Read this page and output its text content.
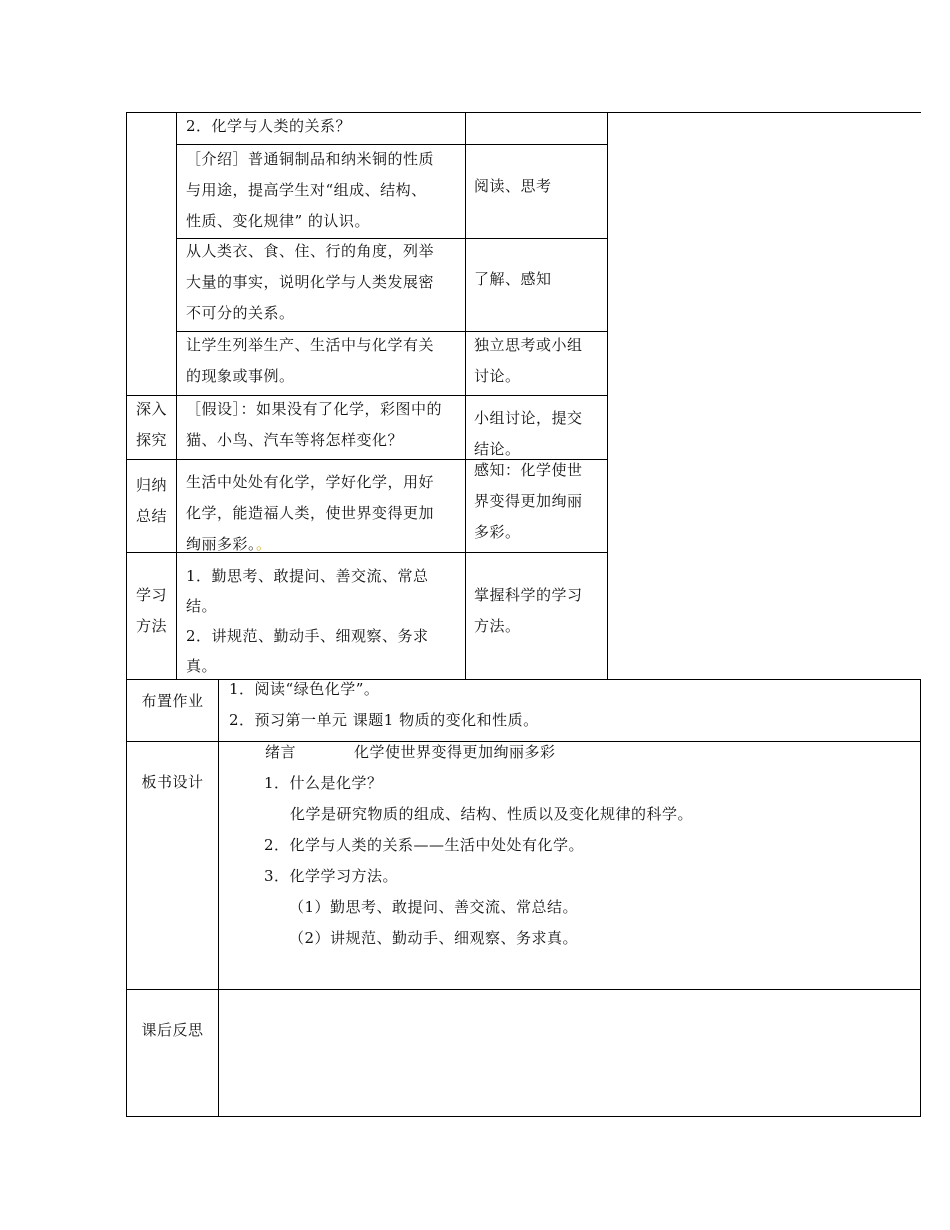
2．化学与人类的关系？
［介绍］普通铜制品和纳米铜的性质
与用途，提高学生对“组成、结构、
性质、变化规律” 的认识。
阅读、思考
从人类衣、食、住、行的角度，列举
大量的事实，说明化学与人类发展密
不可分的关系。
了解、感知
让学生列举生产、生活中与化学有关
的现象或事例。
独立思考或小组
讨论。
深入
探究
［假设］：如果没有了化学，彩图中的
猫、小鸟、汽车等将怎样变化？
小组讨论，提交
结论。
归纳
总结
生活中处处有化学，学好化学，用好
化学，能造福人类，使世界变得更加
绚丽多彩。。
感知：化学使世
界变得更加绚丽
多彩。
学习
方法
1．勤思考、敢提问、善交流、常总
结。
2．讲规范、勤动手、细观察、务求
真。
掌握科学的学习
方法。
布置作业
1．阅读“绿色化学”。
2．预习第一单元 课题1 物质的变化和性质。
板书设计
绪言	化学使世界变得更加绚丽多彩
1．什么是化学？
化学是研究物质的组成、结构、性质以及变化规律的科学。
2．化学与人类的关系——生活中处处有化学。
3．化学学习方法。
（1）勤思考、敢提问、善交流、常总结。
（2）讲规范、勤动手、细观察、务求真。
课后反思
